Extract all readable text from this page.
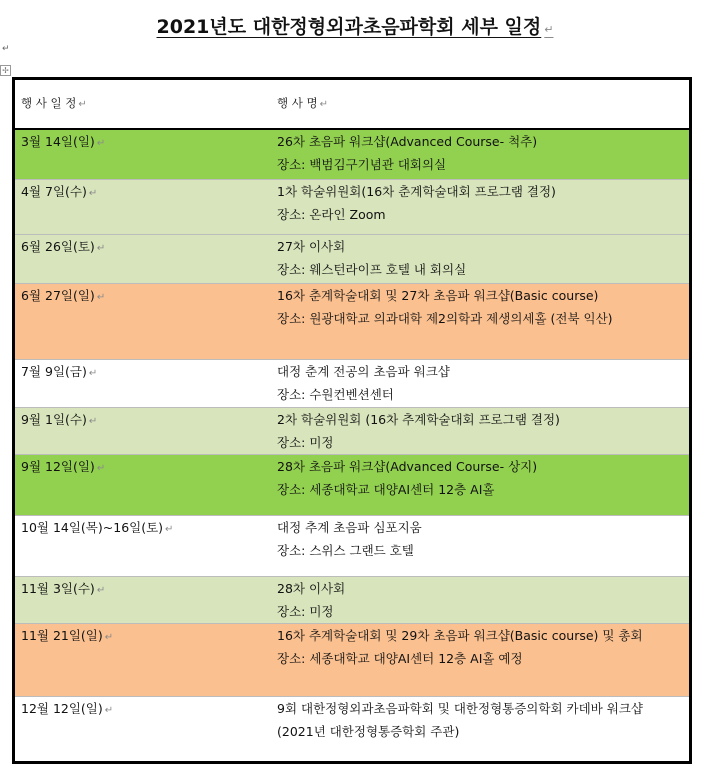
2021년도 대한정형외과초음파학회 세부 일정 ↵
↵
✢
행 사 일 정 ↵	행 사 명 ↵
3월 14일(일) ↵	26차 초음파 워크샵(Advanced Course- 척추)
장소: 백범김구기념관 대회의실

4월 7일(수) ↵	1차 학술위원회(16차 춘계학술대회 프로그램 결정)
장소: 온라인 Zoom

6월 26일(토) ↵	27차 이사회
장소: 웨스턴라이프 호텔 내 회의실

6월 27일(일) ↵	16차 춘계학술대회 및 27차 초음파 워크샵(Basic course)
장소: 원광대학교 의과대학 제2의학과 제생의세홀 (전북 익산)

7월 9일(금) ↵	대정 춘계 전공의 초음파 워크샵
장소: 수원컨벤션센터

9월 1일(수) ↵	2차 학술위원회 (16차 추계학술대회 프로그램 결정)
장소: 미정

9월 12일(일) ↵	28차 초음파 워크샵(Advanced Course- 상지)
장소: 세종대학교 대양AI센터 12층 AI홀

10월 14일(목)~16일(토) ↵	대정 추계 초음파 심포지움
장소: 스위스 그랜드 호텔

11월 3일(수) ↵	28차 이사회
장소: 미정

11월 21일(일) ↵	16차 추계학술대회 및 29차 초음파 워크샵(Basic course) 및 총회
장소: 세종대학교 대양AI센터 12층 AI홀 예정

12월 12일(일) ↵	9회 대한정형외과초음파학회 및 대한정형통증의학회 카데바 워크샵 (2021년 대한정형통증학회 주관)
